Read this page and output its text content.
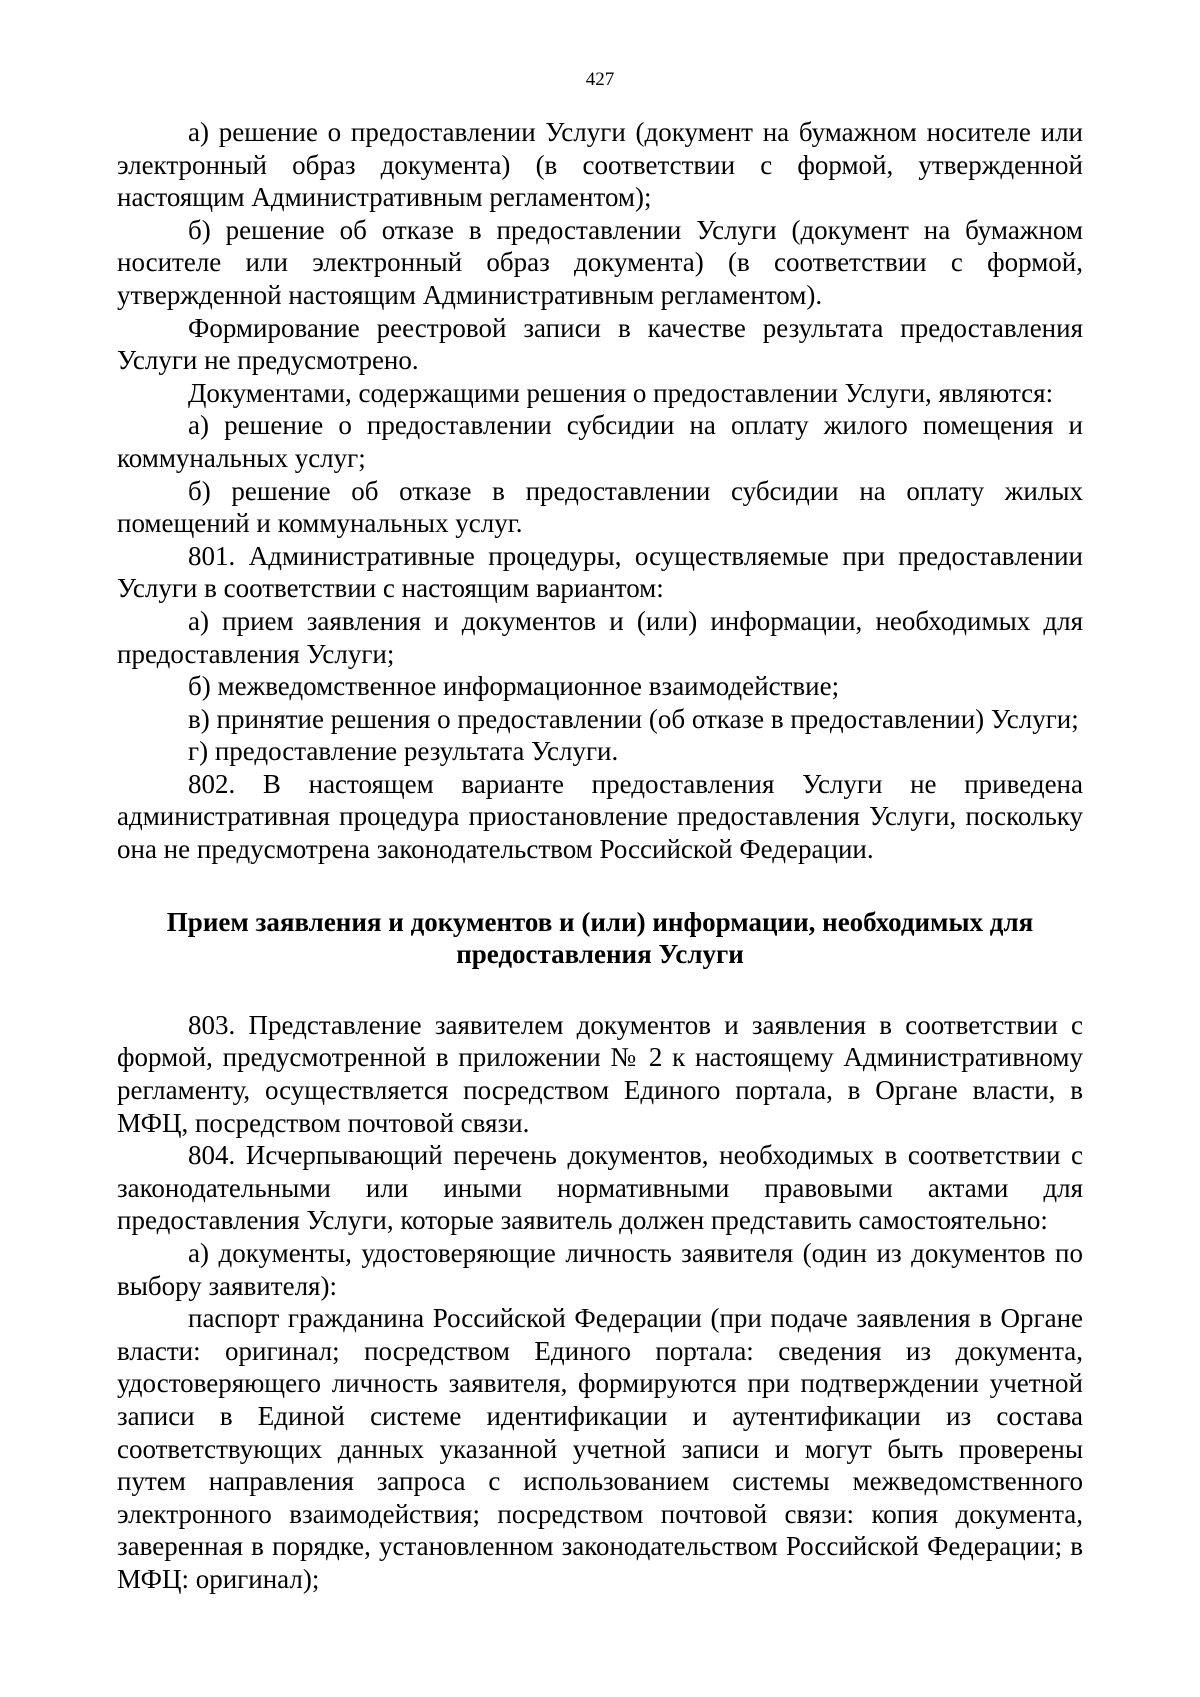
427

а) решение о предоставлении Услуги (документ на бумажном носителе или электронный образ документа) (в соответствии с формой, утвержденной настоящим Административным регламентом);

б) решение об отказе в предоставлении Услуги (документ на бумажном носителе или электронный образ документа) (в соответствии с формой, утвержденной настоящим Административным регламентом).

Формирование реестровой записи в качестве результата предоставления Услуги не предусмотрено.

Документами, содержащими решения о предоставлении Услуги, являются:

а) решение о предоставлении субсидии на оплату жилого помещения и коммунальных услуг;

б) решение об отказе в предоставлении субсидии на оплату жилых помещений и коммунальных услуг.

801. Административные процедуры, осуществляемые при предоставлении Услуги в соответствии с настоящим вариантом:

а) прием заявления и документов и (или) информации, необходимых для предоставления Услуги;

б) межведомственное информационное взаимодействие;

в) принятие решения о предоставлении (об отказе в предоставлении) Услуги;

г) предоставление результата Услуги.

802. В настоящем варианте предоставления Услуги не приведена административная процедура приостановление предоставления Услуги, поскольку она не предусмотрена законодательством Российской Федерации.

Прием заявления и документов и (или) информации, необходимых для
предоставления Услуги

803. Представление заявителем документов и заявления в соответствии с формой, предусмотренной в приложении № 2 к настоящему Административному регламенту, осуществляется посредством Единого портала, в Органе власти, в МФЦ, посредством почтовой связи.

804. Исчерпывающий перечень документов, необходимых в соответствии с законодательными или иными нормативными правовыми актами для предоставления Услуги, которые заявитель должен представить самостоятельно:

а) документы, удостоверяющие личность заявителя (один из документов по выбору заявителя):

паспорт гражданина Российской Федерации (при подаче заявления в Органе власти: оригинал; посредством Единого портала: сведения из документа, удостоверяющего личность заявителя, формируются при подтверждении учетной записи в Единой системе идентификации и аутентификации из состава соответствующих данных указанной учетной записи и могут быть проверены путем направления запроса с использованием системы межведомственного электронного взаимодействия; посредством почтовой связи: копия документа, заверенная в порядке, установленном законодательством Российской Федерации; в МФЦ: оригинал);
